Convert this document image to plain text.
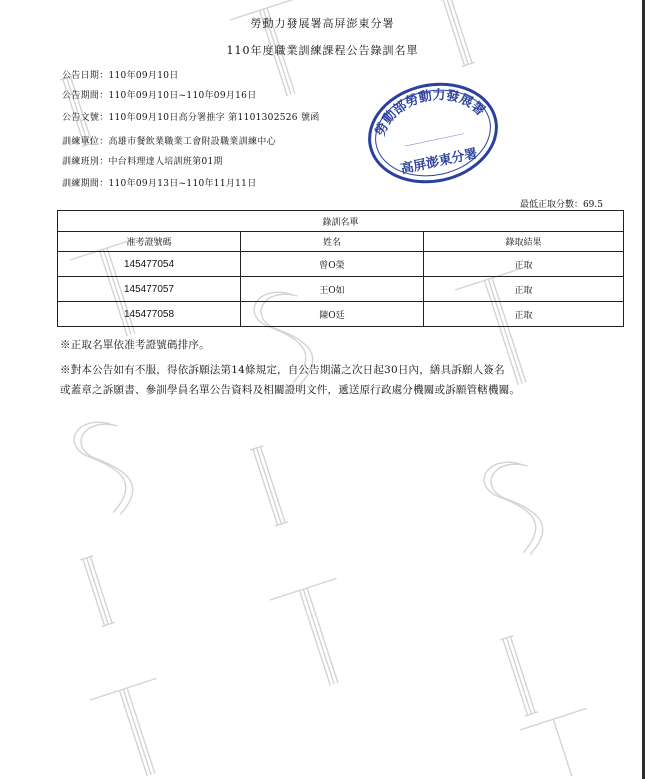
勞動力發展署高屏澎東分署
110年度職業訓練課程公告錄訓名單
公告日期：110年09月10日
公告期間：110年09月10日~110年09月16日
公告文號：110年09月10日高分署推字 第1101302526 號函
訓練單位：高雄市餐飲業職業工會附設職業訓練中心
訓練班別：中台料理達人培訓班第01期
訓練期間：110年09月13日~110年11月11日
勞動部勞動力發展署
高屏澎東分署
最低正取分數：69.5
錄訓名單		
准考證號碼	姓名	錄取結果
145477054	曾O榮	正取
145477057	王O如	正取
145477058	陳O廷	正取
※正取名單依准考證號碼排序。
※對本公告如有不服，得依訴願法第14條規定，自公告期滿之次日起30日內，繕具訴願人簽名
或蓋章之訴願書、參訓學員名單公告資料及相關證明文件，遞送原行政處分機關或訴願管轄機關。
